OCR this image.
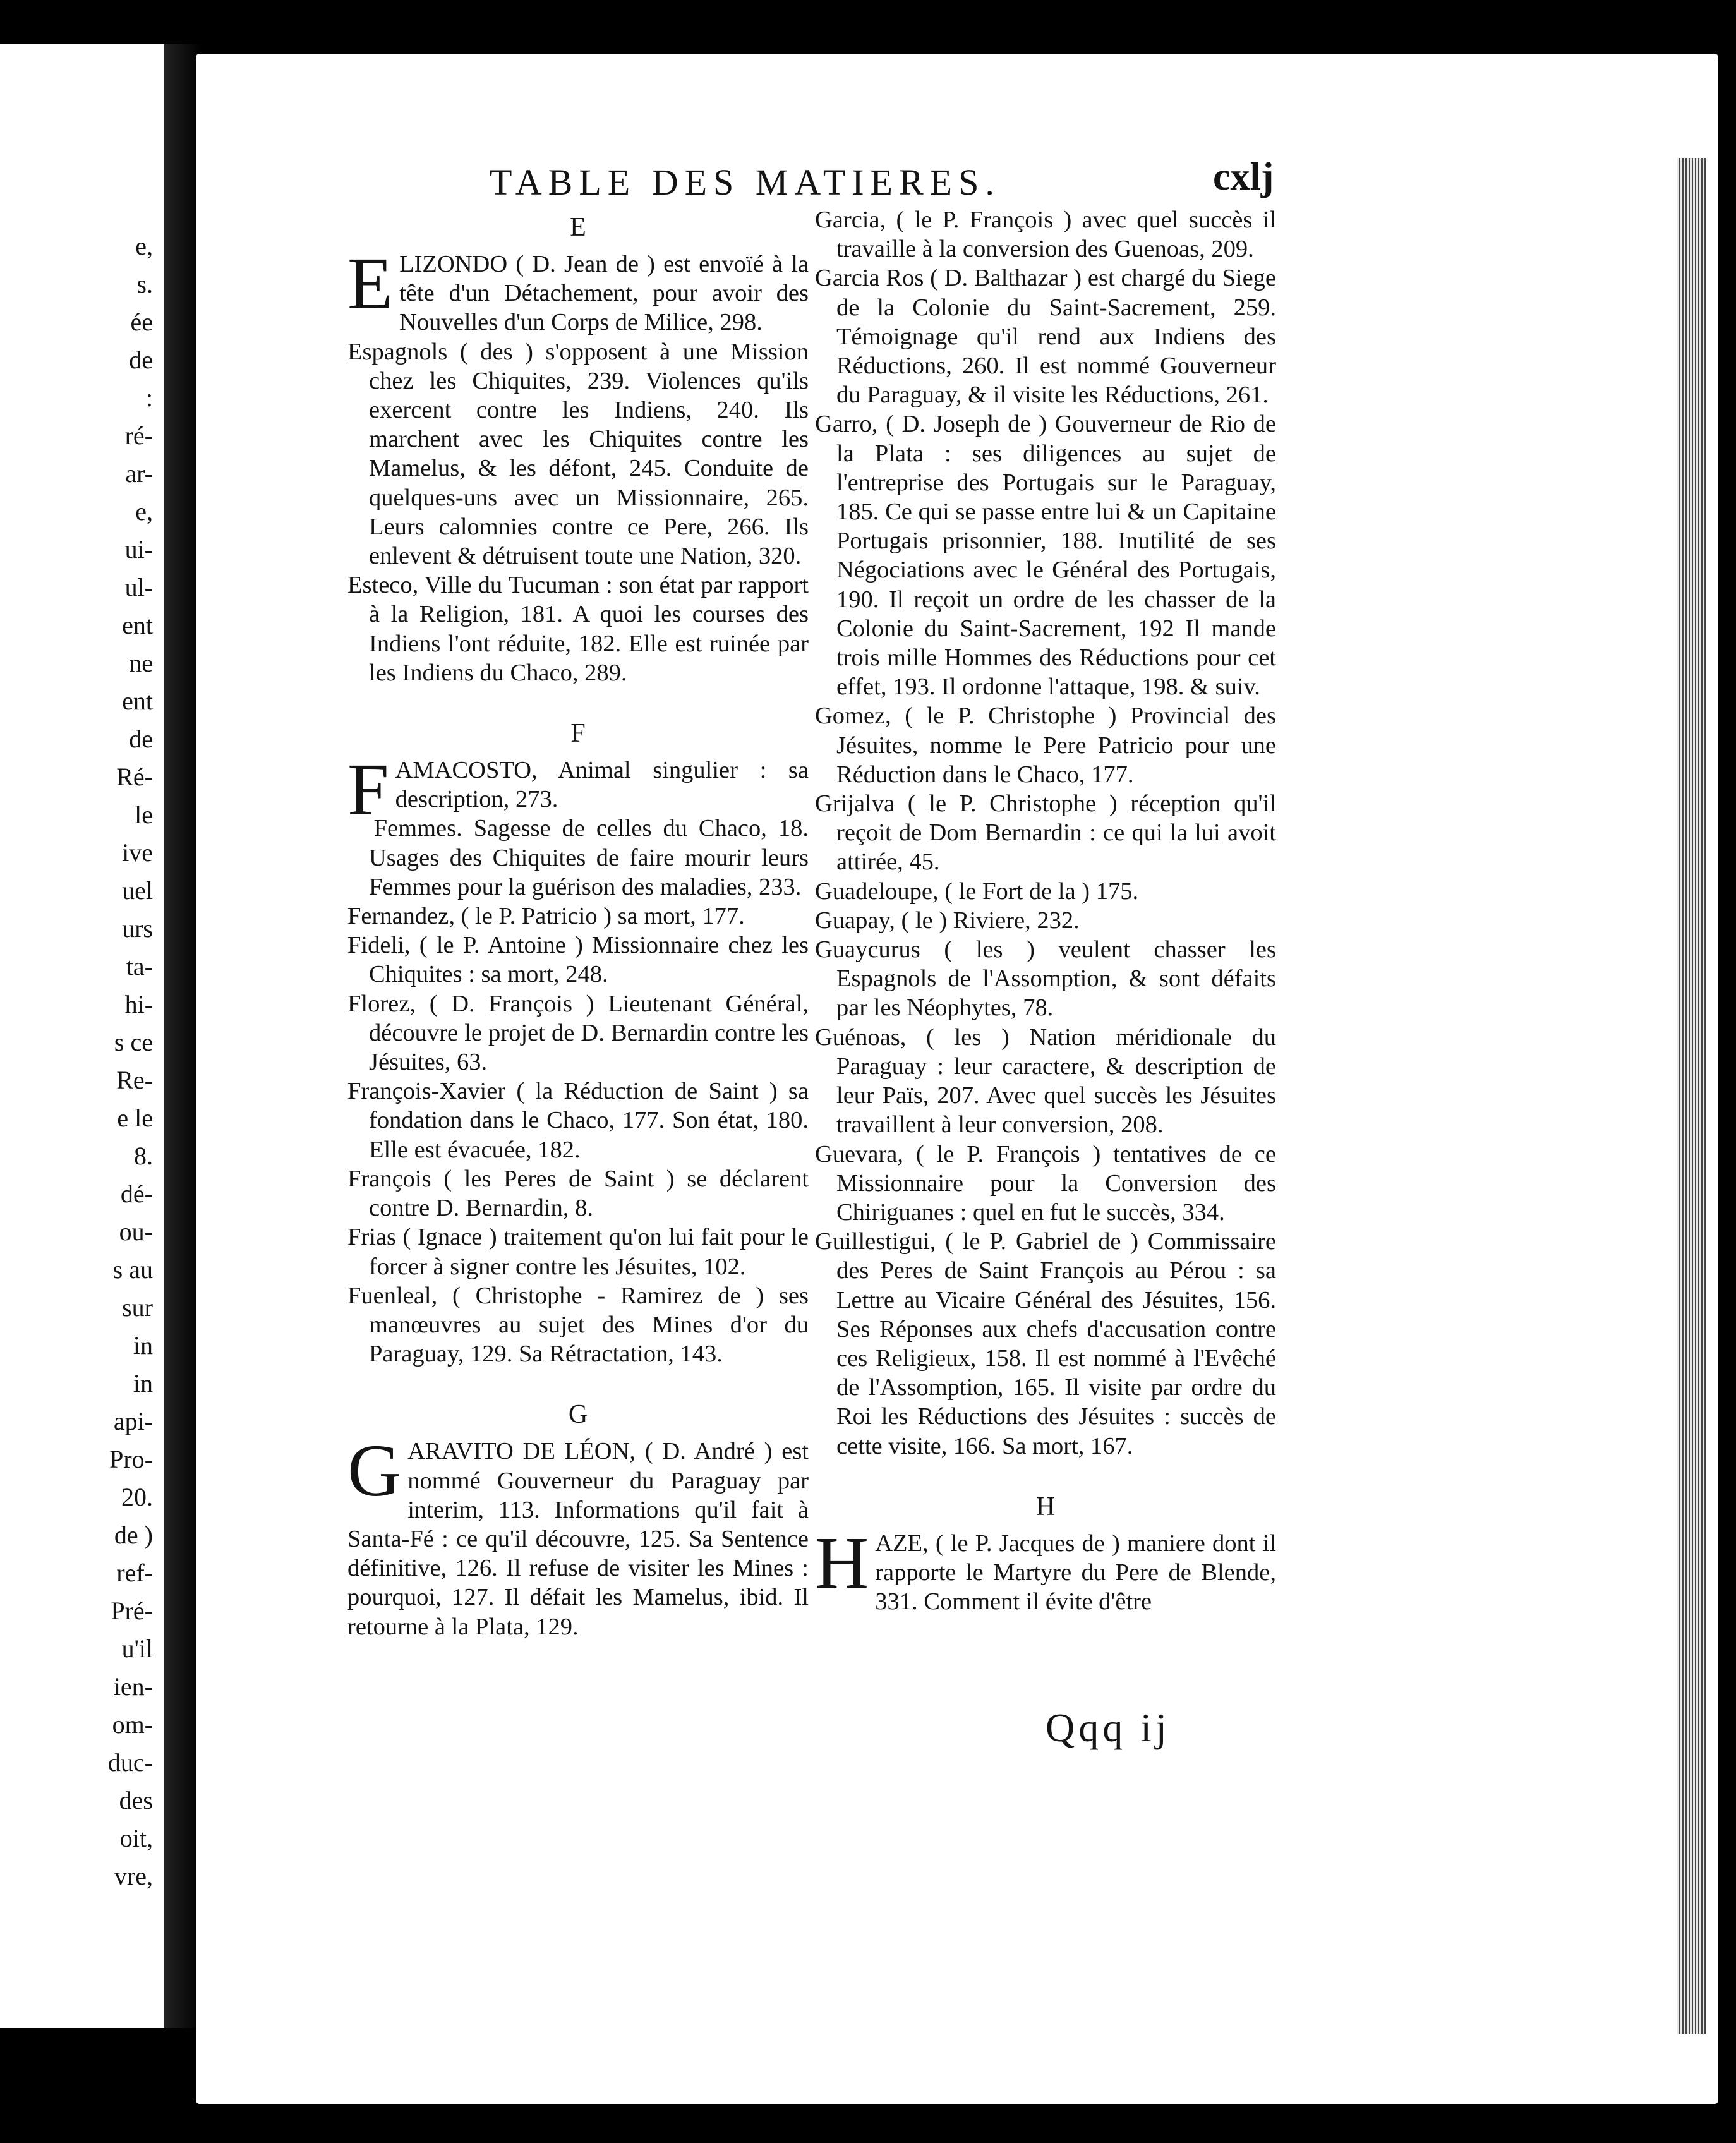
e,
s.
ée
de
:
ré-
ar-
e,
ui-
ul-
ent
ne
ent
de
Ré-
le
ive
uel
urs
ta-
hi-
s ce
Re-
e le
8.
dé-
ou-
s au
sur
in
in
api-
Pro-
20.
de )
ref-
Pré-
u'il
ien-
om-
duc-
des
oit,
vre,
TABLE DES MATIERES.	cxlj

E

ELIZONDO ( D. Jean de ) est envoïé à la tête d'un Détachement, pour avoir des Nouvelles d'un Corps de Milice, 298.

Espagnols ( des ) s'opposent à une Mission chez les Chiquites, 239. Violences qu'ils exercent contre les Indiens, 240. Ils marchent avec les Chiquites contre les Mamelus, & les défont, 245. Conduite de quelques-uns avec un Missionnaire, 265. Leurs calomnies contre ce Pere, 266. Ils enlevent & détruisent toute une Nation, 320.

Esteco, Ville du Tucuman : son état par rapport à la Religion, 181. A quoi les courses des Indiens l'ont réduite, 182. Elle est ruinée par les Indiens du Chaco, 289.

F

FAMACOSTO, Animal singulier : sa description, 273.

Femmes. Sagesse de celles du Chaco, 18. Usages des Chiquites de faire mourir leurs Femmes pour la guérison des maladies, 233.

Fernandez, ( le P. Patricio ) sa mort, 177.

Fideli, ( le P. Antoine ) Missionnaire chez les Chiquites : sa mort, 248.

Florez, ( D. François ) Lieutenant Général, découvre le projet de D. Bernardin contre les Jésuites, 63.

François-Xavier ( la Réduction de Saint ) sa fondation dans le Chaco, 177. Son état, 180. Elle est évacuée, 182.

François ( les Peres de Saint ) se déclarent contre D. Bernardin, 8.

Frias ( Ignace ) traitement qu'on lui fait pour le forcer à signer contre les Jésuites, 102.

Fuenleal, ( Christophe - Ramirez de ) ses manœuvres au sujet des Mines d'or du Paraguay, 129. Sa Rétractation, 143.

G

GARAVITO DE LÉON, ( D. André ) est nommé Gouverneur du Paraguay par interim, 113. Informations qu'il fait à Santa-Fé : ce qu'il découvre, 125. Sa Sentence définitive, 126. Il refuse de visiter les Mines : pourquoi, 127. Il défait les Mamelus, ibid. Il retourne à la Plata, 129.

Garcia, ( le P. François ) avec quel succès il travaille à la conversion des Guenoas, 209.

Garcia Ros ( D. Balthazar ) est chargé du Siege de la Colonie du Saint-Sacrement, 259. Témoignage qu'il rend aux Indiens des Réductions, 260. Il est nommé Gouverneur du Paraguay, & il visite les Réductions, 261.

Garro, ( D. Joseph de ) Gouverneur de Rio de la Plata : ses diligences au sujet de l'entreprise des Portugais sur le Paraguay, 185. Ce qui se passe entre lui & un Capitaine Portugais prisonnier, 188. Inutilité de ses Négociations avec le Général des Portugais, 190. Il reçoit un ordre de les chasser de la Colonie du Saint-Sacrement, 192 Il mande trois mille Hommes des Réductions pour cet effet, 193. Il ordonne l'attaque, 198. & suiv.

Gomez, ( le P. Christophe ) Provincial des Jésuites, nomme le Pere Patricio pour une Réduction dans le Chaco, 177.

Grijalva ( le P. Christophe ) réception qu'il reçoit de Dom Bernardin : ce qui la lui avoit attirée, 45.

Guadeloupe, ( le Fort de la ) 175.

Guapay, ( le ) Riviere, 232.

Guaycurus ( les ) veulent chasser les Espagnols de l'Assomption, & sont défaits par les Néophytes, 78.

Guénoas, ( les ) Nation méridionale du Paraguay : leur caractere, & description de leur Païs, 207. Avec quel succès les Jésuites travaillent à leur conversion, 208.

Guevara, ( le P. François ) tentatives de ce Missionnaire pour la Conversion des Chiriguanes : quel en fut le succès, 334.

Guillestigui, ( le P. Gabriel de ) Commissaire des Peres de Saint François au Pérou : sa Lettre au Vicaire Général des Jésuites, 156. Ses Réponses aux chefs d'accusation contre ces Religieux, 158. Il est nommé à l'Evêché de l'Assomption, 165. Il visite par ordre du Roi les Réductions des Jésuites : succès de cette visite, 166. Sa mort, 167.

H

HAZE, ( le P. Jacques de ) maniere dont il rapporte le Martyre du Pere de Blende, 331. Comment il évite d'être

Qqq ij
